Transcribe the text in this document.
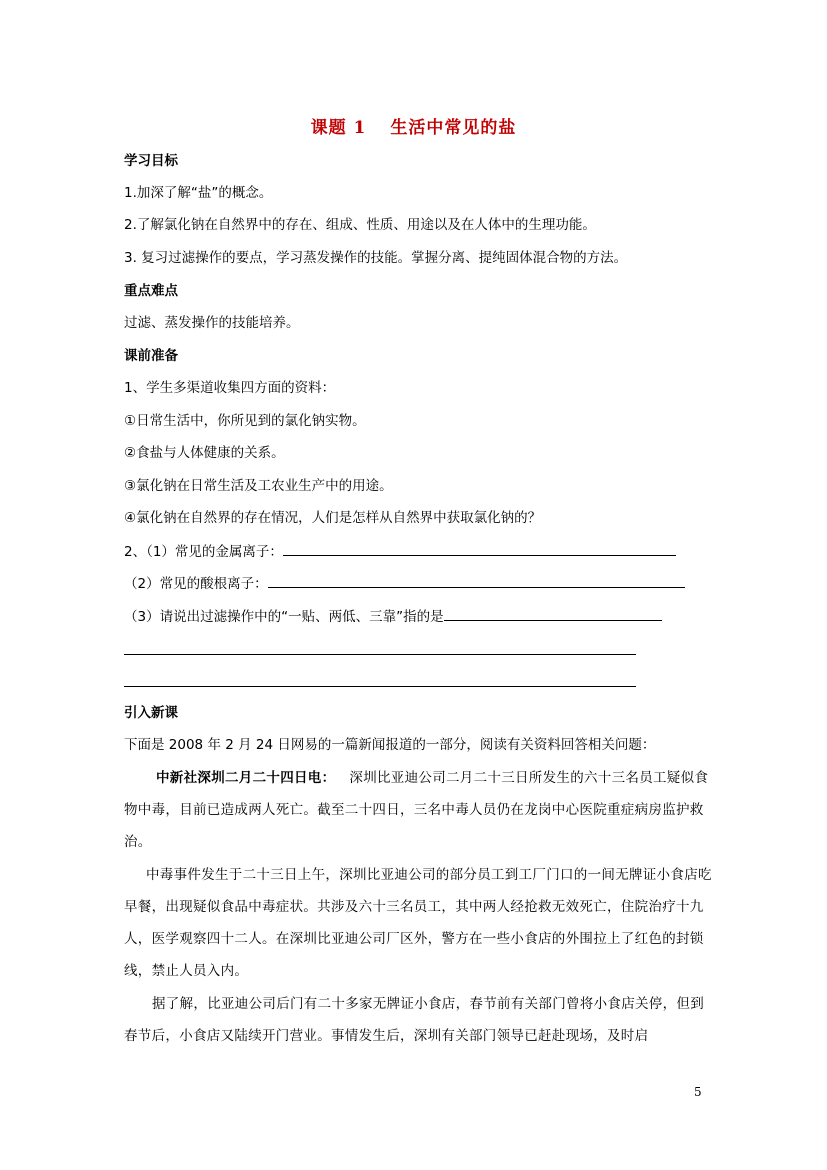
课题 1 生活中常见的盐
学习目标
1.加深了解“盐”的概念。
2.了解氯化钠在自然界中的存在、组成、性质、用途以及在人体中的生理功能。
3. 复习过滤操作的要点，学习蒸发操作的技能。掌握分离、提纯固体混合物的方法。
重点难点
过滤、蒸发操作的技能培养。
课前准备
1、学生多渠道收集四方面的资料：
①日常生活中，你所见到的氯化钠实物。
②食盐与人体健康的关系。
③氯化钠在日常生活及工农业生产中的用途。
④氯化钠在自然界的存在情况，人们是怎样从自然界中获取氯化钠的？
2、（1）常见的金属离子：
（2）常见的酸根离子：
（3）请说出过滤操作中的“一贴、两低、三靠”指的是
引入新课
下面是 2008 年 2 月 24 日网易的一篇新闻报道的一部分，阅读有关资料回答相关问题：
中新社深圳二月二十四日电： 深圳比亚迪公司二月二十三日所发生的六十三名员工疑似食物中毒，目前已造成两人死亡。截至二十四日，三名中毒人员仍在龙岗中心医院重症病房监护救治。
中毒事件发生于二十三日上午，深圳比亚迪公司的部分员工到工厂门口的一间无牌证小食店吃早餐，出现疑似食品中毒症状。共涉及六十三名员工，其中两人经抢救无效死亡，住院治疗十九人，医学观察四十二人。在深圳比亚迪公司厂区外，警方在一些小食店的外围拉上了红色的封锁线，禁止人员入内。
据了解，比亚迪公司后门有二十多家无牌证小食店，春节前有关部门曾将小食店关停，但到春节后，小食店又陆续开门营业。事情发生后，深圳有关部门领导已赶赴现场，及时启
5
